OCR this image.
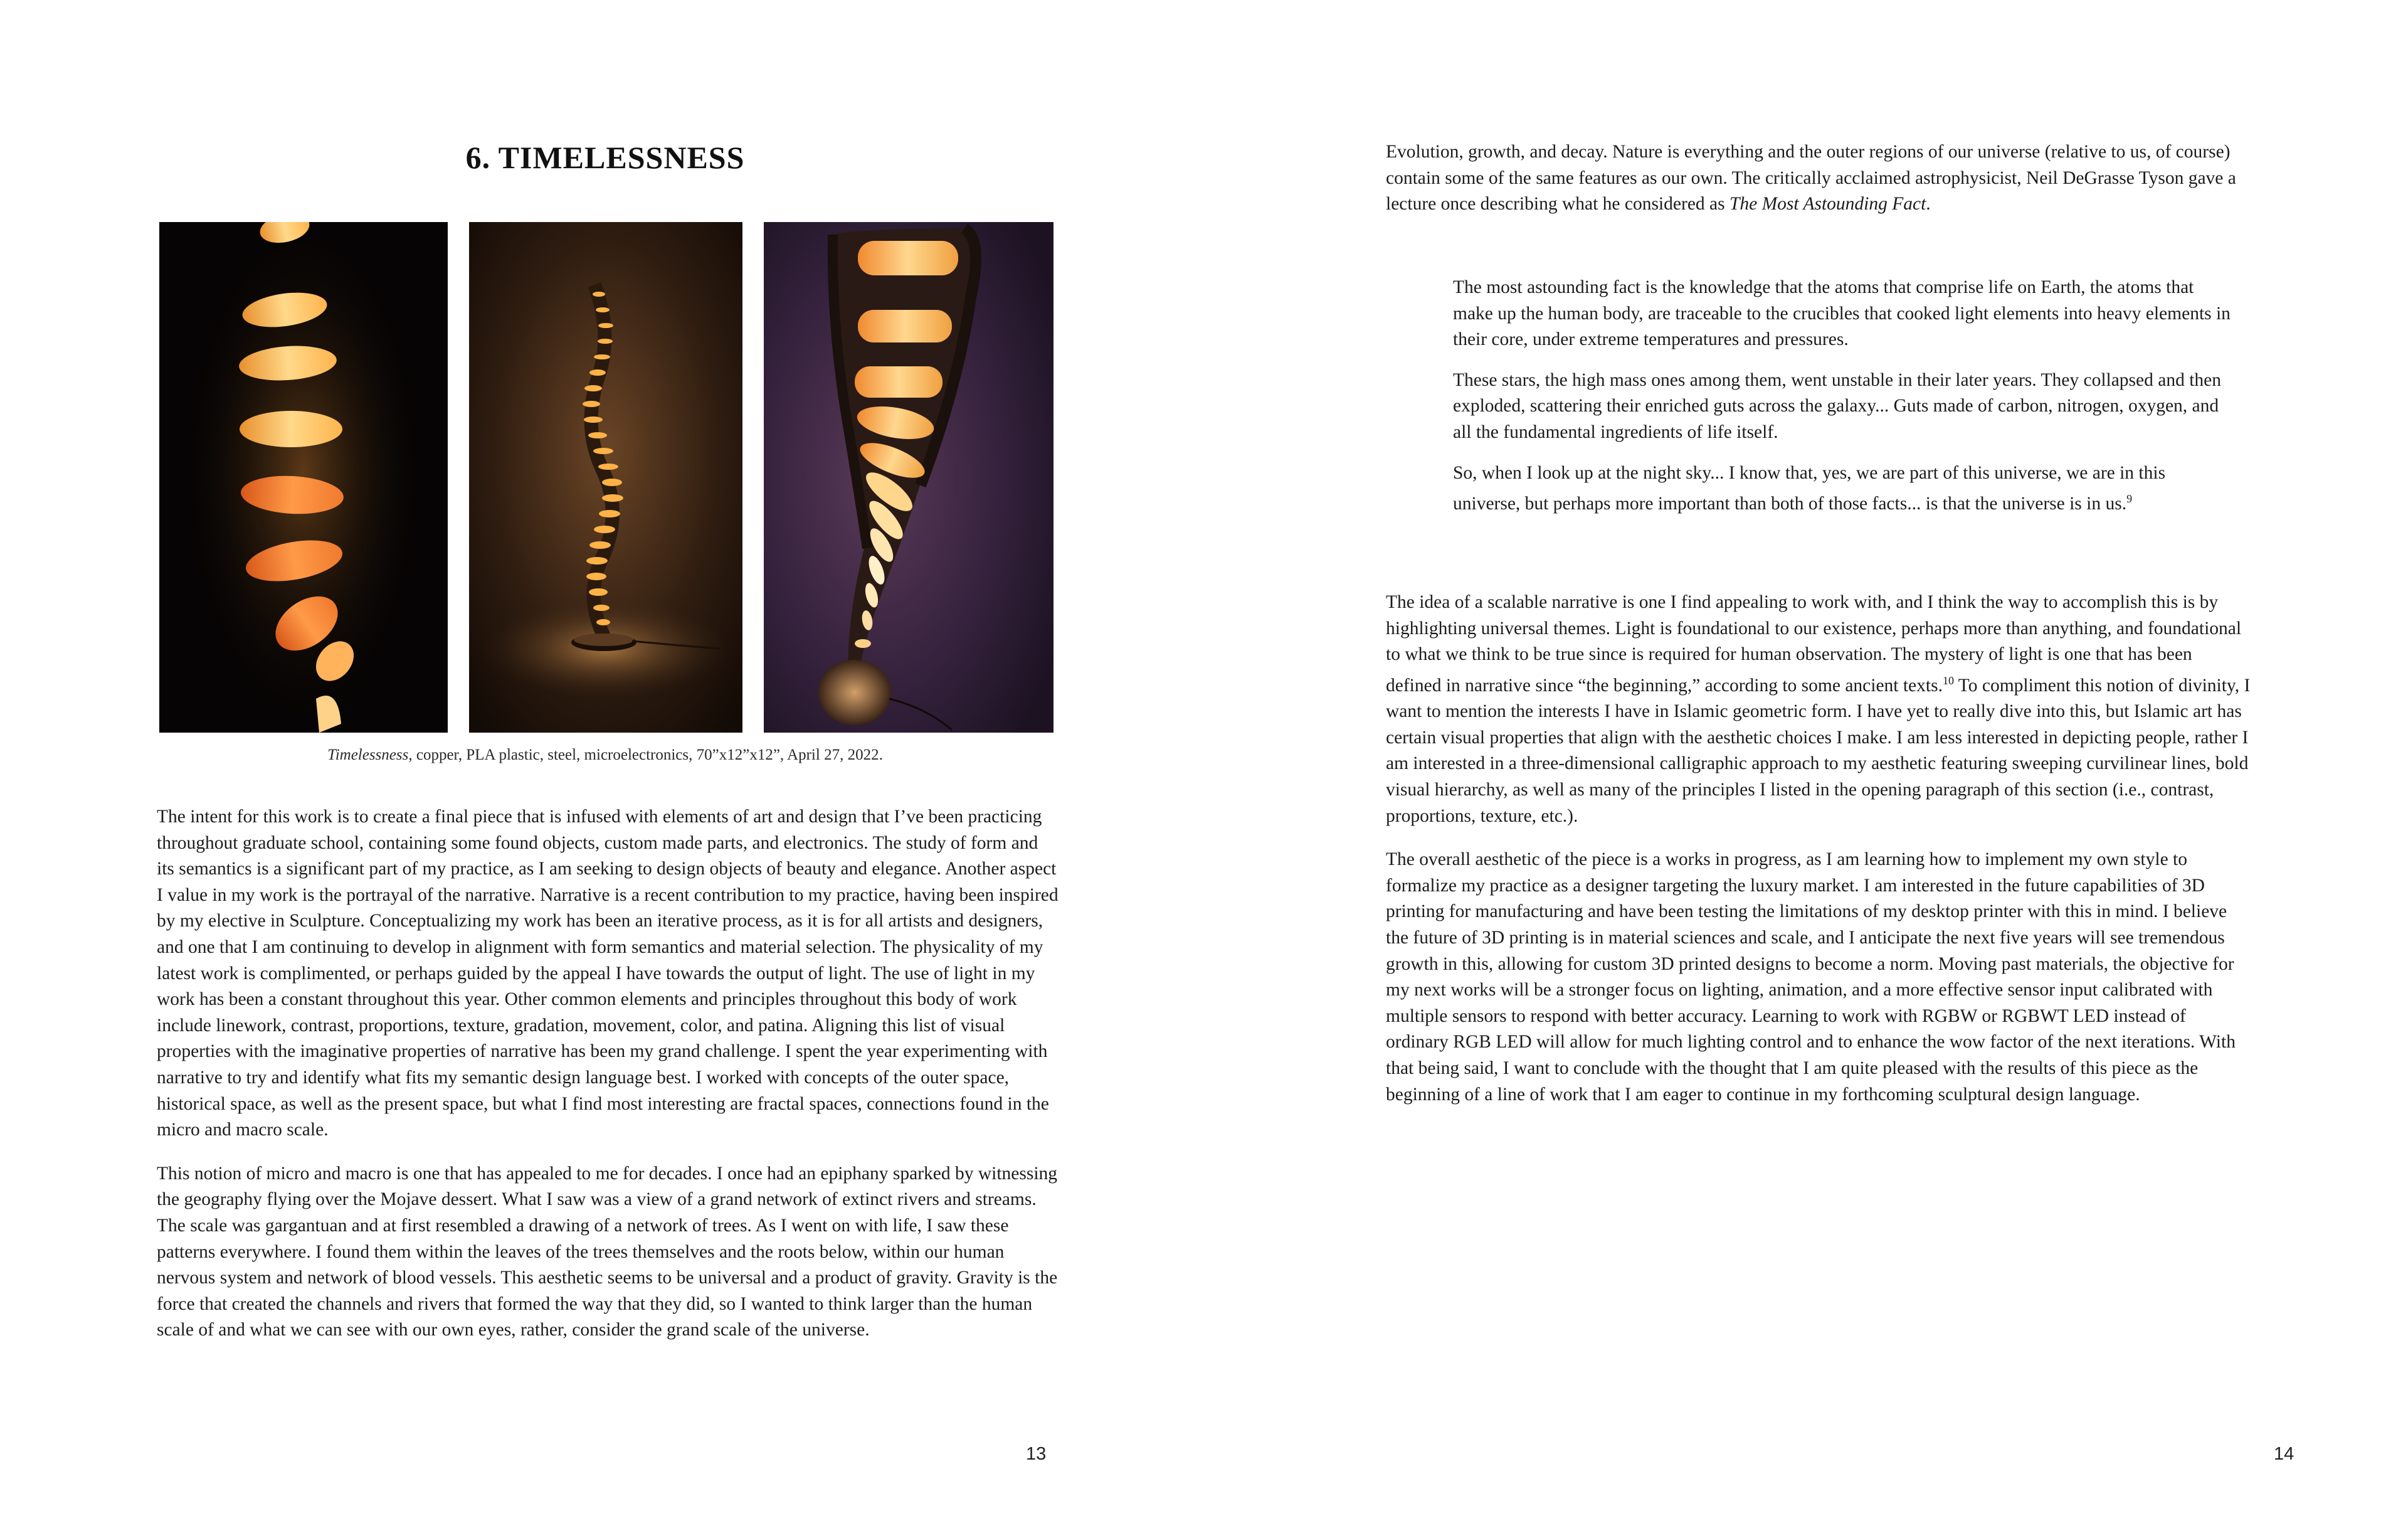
6. TIMELESSNESS

Timelessness, copper, PLA plastic, steel, microelectronics, 70”x12”x12”, April 27, 2022.

The intent for this work is to create a final piece that is infused with elements of art and design that I’ve been practicing throughout graduate school, containing some found objects, custom made parts, and electronics. The study of form and its semantics is a significant part of my practice, as I am seeking to design objects of beauty and elegance. Another aspect I value in my work is the portrayal of the narrative. Narrative is a recent contribution to my practice, having been inspired by my elective in Sculpture. Conceptualizing my work has been an iterative process, as it is for all artists and designers, and one that I am continuing to develop in alignment with form semantics and material selection. The physicality of my latest work is complimented, or perhaps guided by the appeal I have towards the output of light. The use of light in my work has been a constant throughout this year. Other common elements and principles throughout this body of work include linework, contrast, proportions, texture, gradation, movement, color, and patina. Aligning this list of visual properties with the imaginative properties of narrative has been my grand challenge. I spent the year experimenting with narrative to try and identify what fits my semantic design language best. I worked with concepts of the outer space, historical space, as well as the present space, but what I find most interesting are fractal spaces, connections found in the micro and macro scale.

This notion of micro and macro is one that has appealed to me for decades. I once had an epiphany sparked by witnessing the geography flying over the Mojave dessert. What I saw was a view of a grand network of extinct rivers and streams. The scale was gargantuan and at first resembled a drawing of a network of trees. As I went on with life, I saw these patterns everywhere. I found them within the leaves of the trees themselves and the roots below, within our human nervous system and network of blood vessels. This aesthetic seems to be universal and a product of gravity. Gravity is the force that created the channels and rivers that formed the way that they did, so I wanted to think larger than the human scale of and what we can see with our own eyes, rather, consider the grand scale of the universe.

13

Evolution, growth, and decay. Nature is everything and the outer regions of our universe (relative to us, of course) contain some of the same features as our own. The critically acclaimed astrophysicist, Neil DeGrasse Tyson gave a lecture once describing what he considered as The Most Astounding Fact.

The most astounding fact is the knowledge that the atoms that comprise life on Earth, the atoms that make up the human body, are traceable to the crucibles that cooked light elements into heavy elements in their core, under extreme temperatures and pressures.

These stars, the high mass ones among them, went unstable in their later years. They collapsed and then exploded, scattering their enriched guts across the galaxy... Guts made of carbon, nitrogen, oxygen, and all the fundamental ingredients of life itself.

So, when I look up at the night sky... I know that, yes, we are part of this universe, we are in this universe, but perhaps more important than both of those facts... is that the universe is in us.$^9$

The idea of a scalable narrative is one I find appealing to work with, and I think the way to accomplish this is by highlighting universal themes. Light is foundational to our existence, perhaps more than anything, and foundational to what we think to be true since is required for human observation. The mystery of light is one that has been defined in narrative since “the beginning,” according to some ancient texts.$^{10}$ To compliment this notion of divinity, I want to mention the interests I have in Islamic geometric form. I have yet to really dive into this, but Islamic art has certain visual properties that align with the aesthetic choices I make. I am less interested in depicting people, rather I am interested in a three-dimensional calligraphic approach to my aesthetic featuring sweeping curvilinear lines, bold visual hierarchy, as well as many of the principles I listed in the opening paragraph of this section (i.e., contrast, proportions, texture, etc.).

The overall aesthetic of the piece is a works in progress, as I am learning how to implement my own style to formalize my practice as a designer targeting the luxury market. I am interested in the future capabilities of 3D printing for manufacturing and have been testing the limitations of my desktop printer with this in mind. I believe the future of 3D printing is in material sciences and scale, and I anticipate the next five years will see tremendous growth in this, allowing for custom 3D printed designs to become a norm. Moving past materials, the objective for my next works will be a stronger focus on lighting, animation, and a more effective sensor input calibrated with multiple sensors to respond with better accuracy. Learning to work with RGBW or RGBWT LED instead of ordinary RGB LED will allow for much lighting control and to enhance the wow factor of the next iterations. With that being said, I want to conclude with the thought that I am quite pleased with the results of this piece as the beginning of a line of work that I am eager to continue in my forthcoming sculptural design language.

14
